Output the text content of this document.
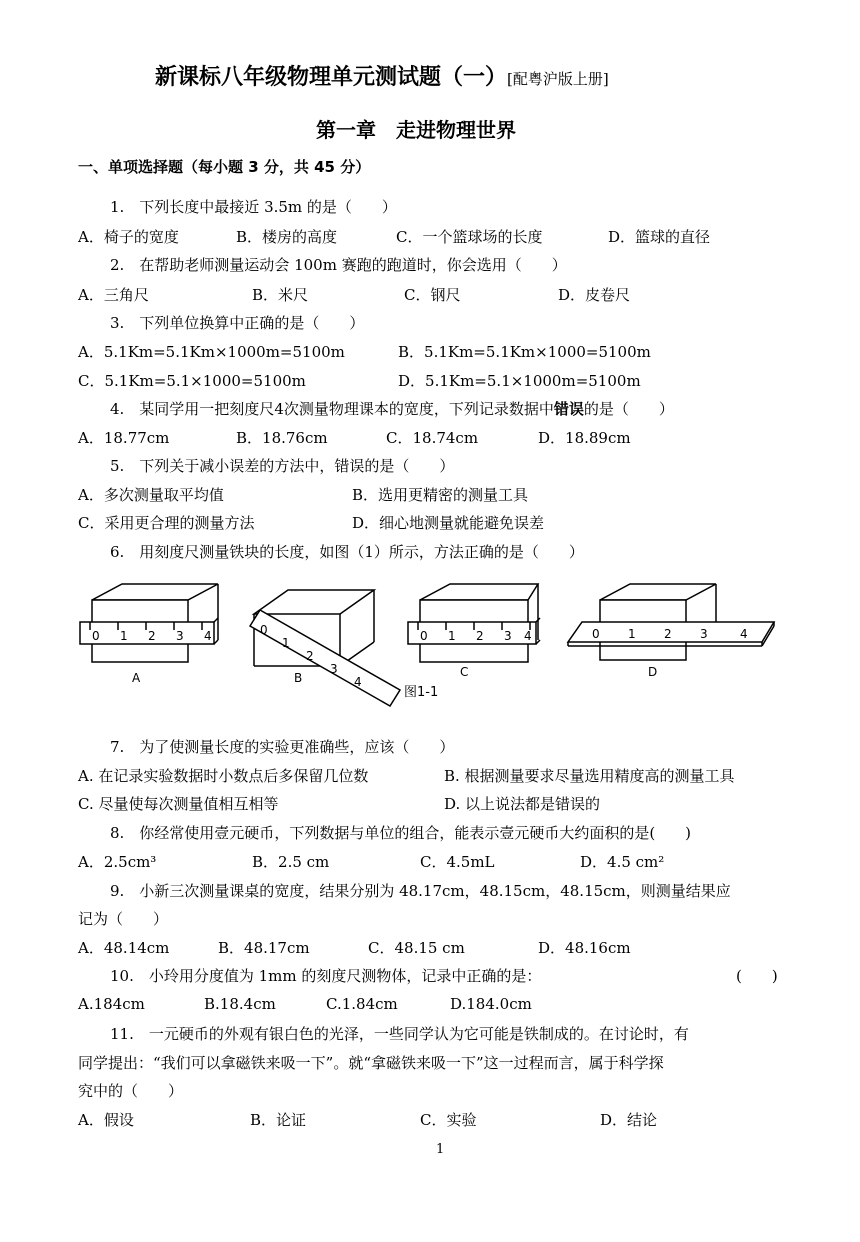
新课标八年级物理单元测试题（一）[配粤沪版上册]
第一章　走进物理世界
一、单项选择题（每小题 3 分，共 45 分）
1.　下列长度中最接近 3.5m 的是（　　）
A．椅子的宽度	B．楼房的高度	C．一个篮球场的长度	D．篮球的直径
2.　在帮助老师测量运动会 100m 赛跑的跑道时，你会选用（　　）
A．三角尺	B．米尺	C．钢尺	D．皮卷尺
3.　下列单位换算中正确的是（　　）
A．5.1Km=5.1Km×1000m=5100m	B．5.1Km=5.1Km×1000=5100m
C．5.1Km=5.1×1000=5100m	D．5.1Km=5.1×1000m=5100m
4.　某同学用一把刻度尺4次测量物理课本的宽度，下列记录数据中错误的是（　　）
A．18.77cm	B．18.76cm	C．18.74cm	D．18.89cm
5.　下列关于减小误差的方法中，错误的是（　　）
A．多次测量取平均值	B．选用更精密的测量工具
C．采用更合理的测量方法	D．细心地测量就能避免误差
6.　用刻度尺测量铁块的长度，如图（1）所示，方法正确的是（　　）
0 1 2 3 4	0
1
2
3
4
0 1 2 3 4	0 1 2 3	4
A	B	C	D
图1-1
7.　为了使测量长度的实验更准确些，应该（　　）
A. 在记录实验数据时小数点后多保留几位数	B. 根据测量要求尽量选用精度高的测量工具
C. 尽量使每次测量值相互相等	D. 以上说法都是错误的
8.　你经常使用壹元硬币，下列数据与单位的组合，能表示壹元硬币大约面积的是(　　)
A．2.5cm³	B．2.5 cm	C．4.5mL	D．4.5 cm²
9.　小新三次测量课桌的宽度，结果分别为 48.17cm，48.15cm，48.15cm，则测量结果应
记为（　　）
A．48.14cm	B．48.17cm	C．48.15 cm	D．48.16cm
10.　小玲用分度值为 1mm 的刻度尺测物体，记录中正确的是：	(　　)
A.184cm	B.18.4cm	C.1.84cm	D.184.0cm
11.　一元硬币的外观有银白色的光泽，一些同学认为它可能是铁制成的。在讨论时，有
同学提出：“我们可以拿磁铁来吸一下”。就“拿磁铁来吸一下”这一过程而言，属于科学探
究中的（　　）
A．假设	B．论证	C．实验	D．结论
1
